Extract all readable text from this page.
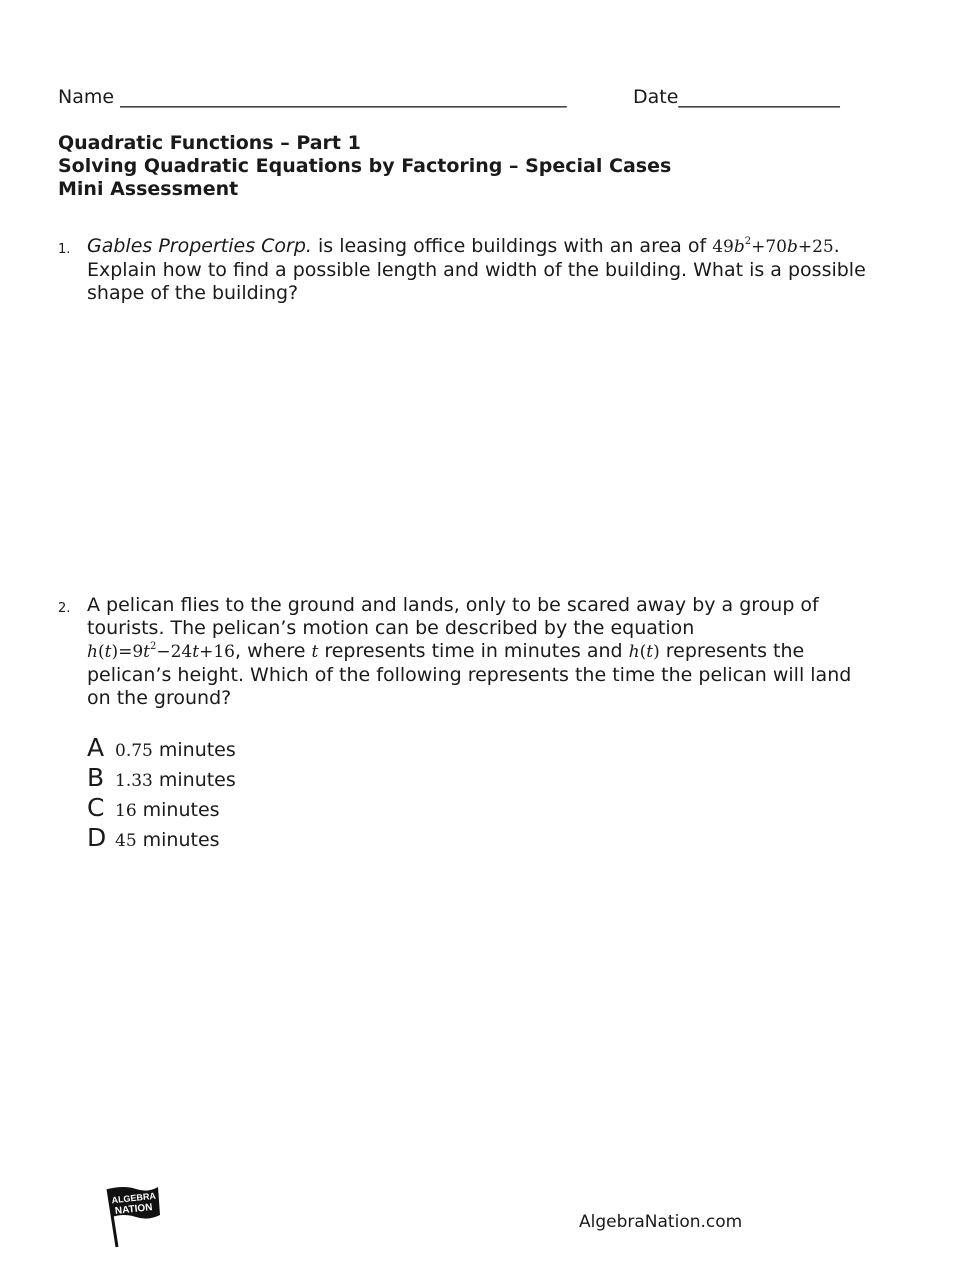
Name _______________________________________________	Date_________________
Quadratic Functions – Part 1
Solving Quadratic Equations by Factoring – Special Cases
Mini Assessment
1. Gables Properties Corp. is leasing office buildings with an area of $49b^2+70b+25$. Explain how to find a possible length and width of the building. What is a possible shape of the building?
2. A pelican flies to the ground and lands, only to be scared away by a group of tourists. The pelican’s motion can be described by the equation
$h(t)=9t^2-24t+16$, where t represents time in minutes and h(t) represents the pelican’s height. Which of the following represents the time the pelican will land on the ground?
A 0.75 minutes
B 1.33 minutes
C 16 minutes
D 45 minutes
ALGEBRA
NATION
AlgebraNation.com
